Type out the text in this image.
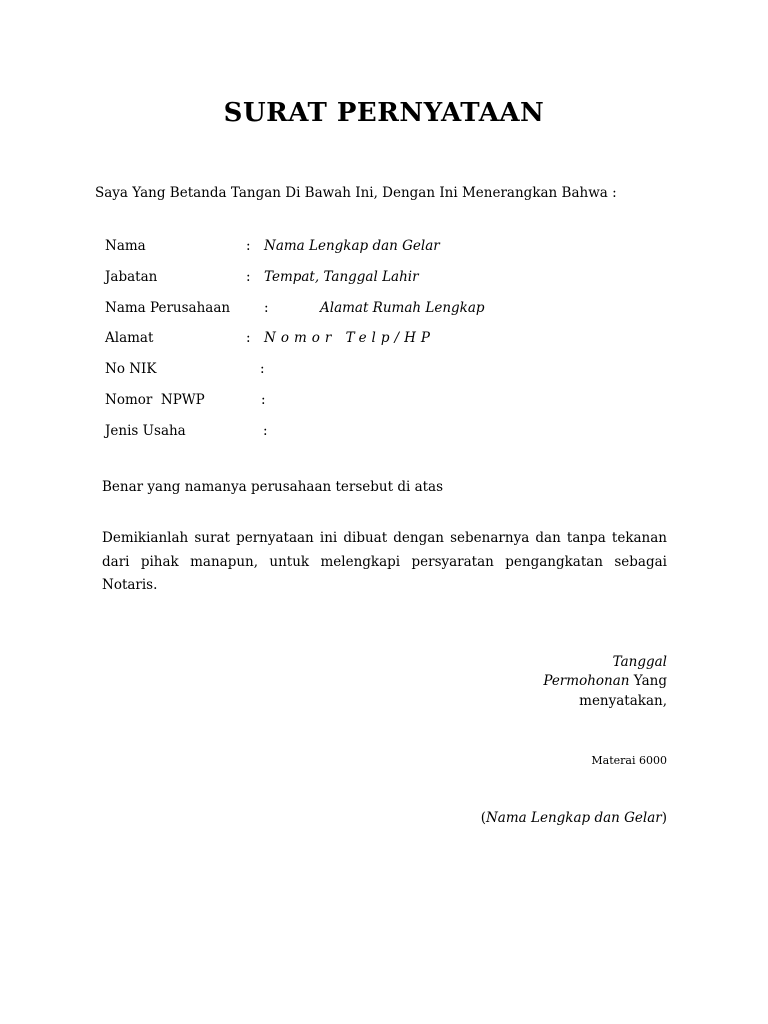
SURAT PERNYATAAN
Saya Yang Betanda Tangan Di Bawah Ini, Dengan Ini Menerangkan Bahwa :
Nama	: Nama Lengkap dan Gelar
Jabatan	: Tempat, Tanggal Lahir
Nama Perusahaan	:	Alamat Rumah Lengkap
Alamat	: Nomor Telp/HP
No NIK	:
Nomor  NPWP	:
Jenis Usaha	:
Benar yang namanya perusahaan tersebut di atas
Demikianlah surat pernyataan ini dibuat dengan sebenarnya dan tanpa tekanan dari pihak manapun, untuk melengkapi persyaratan pengangkatan sebagai Notaris.
Tanggal
Permohonan Yang
menyatakan,
Materai 6000
(Nama Lengkap dan Gelar)
